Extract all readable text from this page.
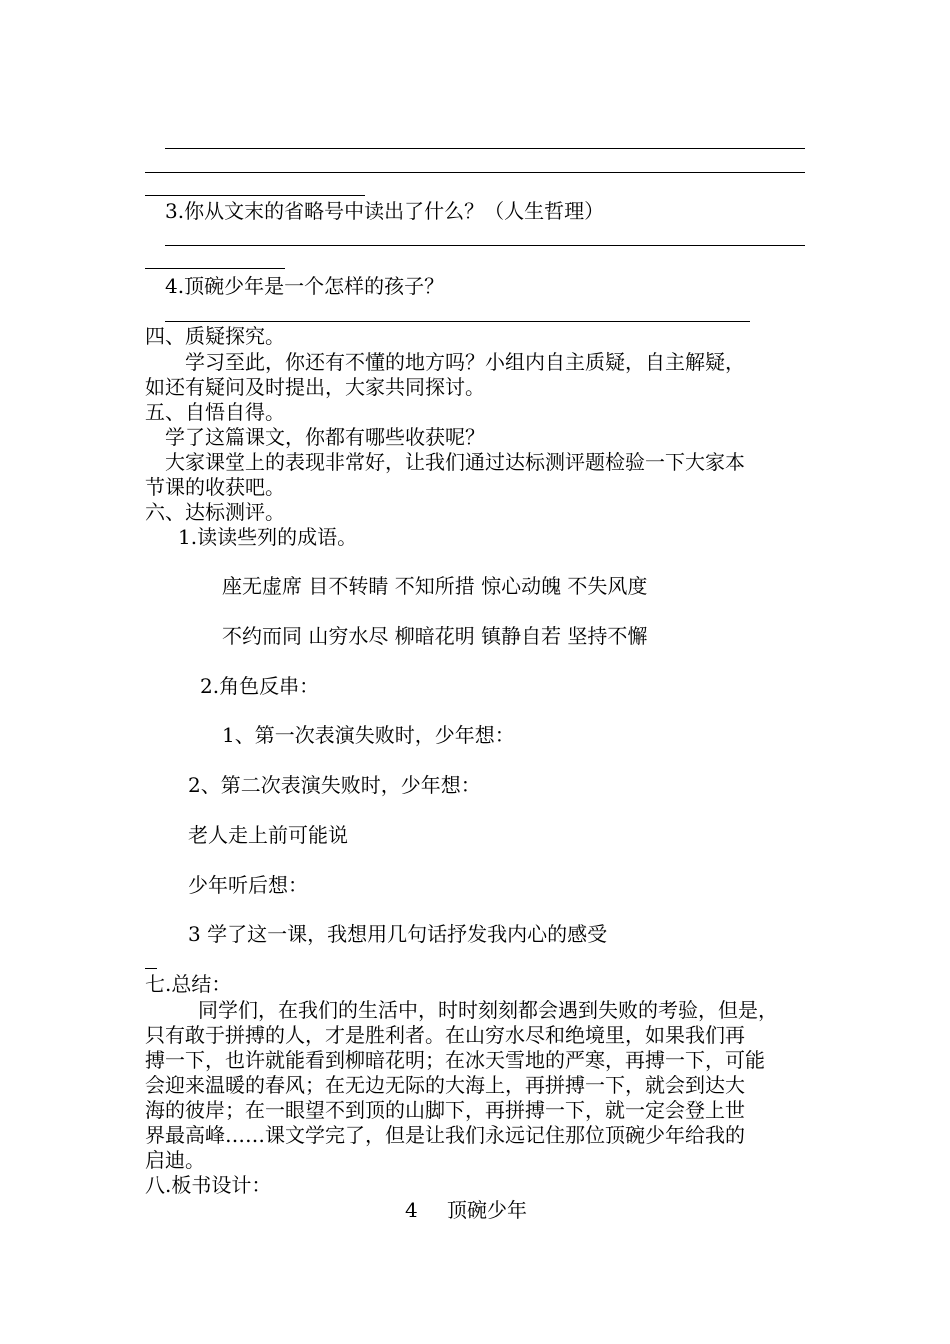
3.你从文末的省略号中读出了什么？（人生哲理）
4.顶碗少年是一个怎样的孩子？
四、质疑探究。
学习至此，你还有不懂的地方吗？小组内自主质疑，自主解疑，
如还有疑问及时提出，大家共同探讨。
五、自悟自得。
学了这篇课文，你都有哪些收获呢？
大家课堂上的表现非常好，让我们通过达标测评题检验一下大家本
节课的收获吧。
六、达标测评。
1.读读些列的成语。
座无虚席 目不转睛 不知所措 惊心动魄 不失风度
不约而同 山穷水尽 柳暗花明 镇静自若 坚持不懈
2.角色反串：
1、第一次表演失败时，少年想：
2、第二次表演失败时，少年想：
老人走上前可能说
少年听后想：
3 学了这一课，我想用几句话抒发我内心的感受
七.总结：
同学们，在我们的生活中，时时刻刻都会遇到失败的考验，但是，
只有敢于拼搏的人，才是胜利者。在山穷水尽和绝境里，如果我们再
搏一下，也许就能看到柳暗花明；在冰天雪地的严寒，再搏一下，可能
会迎来温暖的春风；在无边无际的大海上，再拼搏一下，就会到达大
海的彼岸；在一眼望不到顶的山脚下，再拼搏一下，就一定会登上世
界最高峰……课文学完了，但是让我们永远记住那位顶碗少年给我的
启迪。
八.板书设计：
4 顶碗少年
